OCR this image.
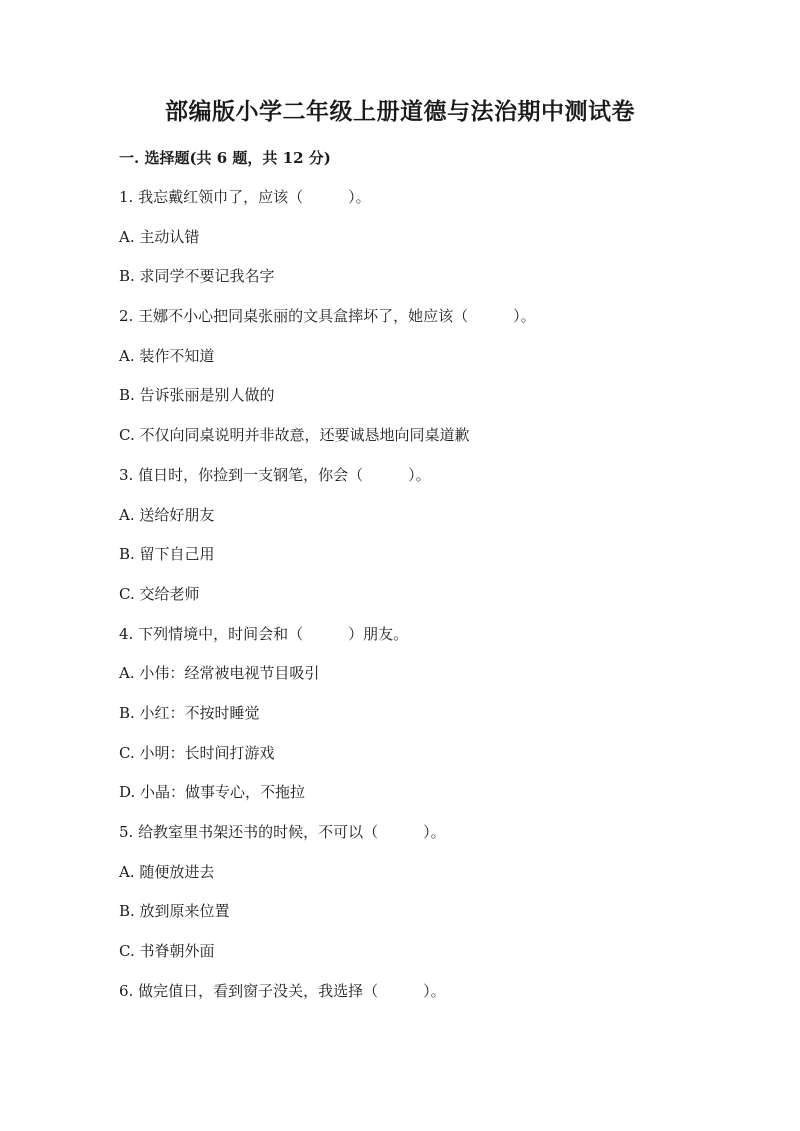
部编版小学二年级上册道德与法治期中测试卷
一. 选择题(共 6 题，共 12 分)
1. 我忘戴红领巾了，应该（　　　）。
A. 主动认错
B. 求同学不要记我名字
2. 王娜不小心把同桌张丽的文具盒摔坏了，她应该（　　　）。
A. 装作不知道
B. 告诉张丽是别人做的
C. 不仅向同桌说明并非故意，还要诚恳地向同桌道歉
3. 值日时，你捡到一支钢笔，你会（　　　）。
A. 送给好朋友
B. 留下自己用
C. 交给老师
4. 下列情境中，时间会和（　　　）朋友。
A. 小伟：经常被电视节目吸引
B. 小红：不按时睡觉
C. 小明：长时间打游戏
D. 小晶：做事专心，不拖拉
5. 给教室里书架还书的时候，不可以（　　　）。
A. 随便放进去
B. 放到原来位置
C. 书脊朝外面
6. 做完值日，看到窗子没关，我选择（　　　）。
